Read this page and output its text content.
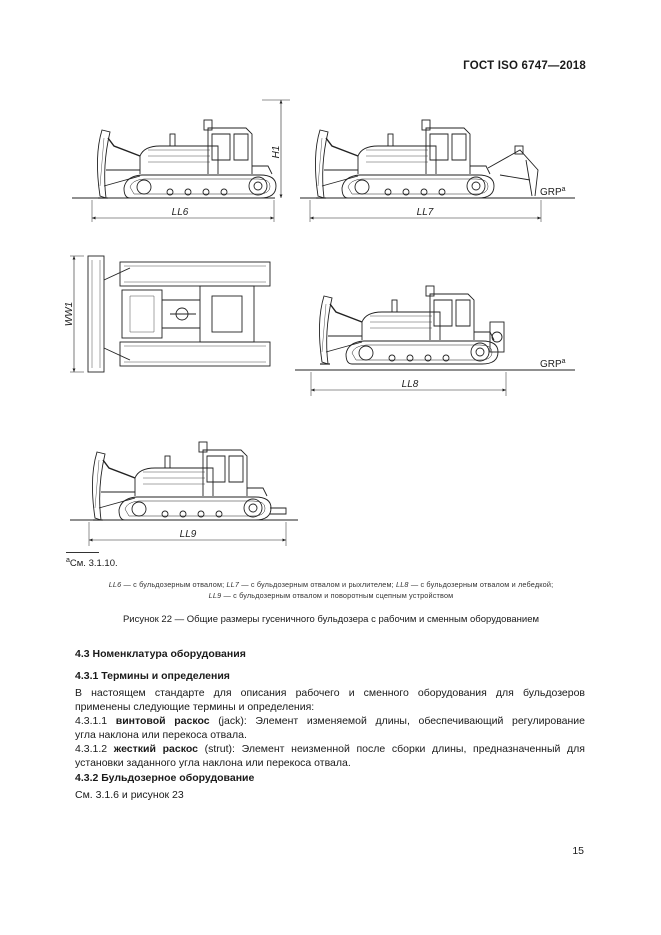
ГОСТ ISO 6747—2018
H1
LL6
GRP$^a$
LL7
WW1
GRP$^a$
LL8
LL9
$^a$См. 3.1.10.
LL6 — с бульдозерным отвалом; LL7 — с бульдозерным отвалом и рыхлителем; LL8 — с бульдозерным отвалом и лебедкой;
LL9 — с бульдозерным отвалом и поворотным сцепным устройством
Рисунок 22 — Общие размеры гусеничного бульдозера с рабочим и сменным оборудованием
4.3 Номенклатура оборудования
4.3.1 Термины и определения
В настоящем стандарте для описания рабочего и сменного оборудования для бульдозеров
применены следующие термины и определения:
4.3.1.1 винтовой раскос (jack): Элемент изменяемой длины, обеспечивающий регулирование
угла наклона или перекоса отвала.
4.3.1.2 жесткий раскос (strut): Элемент неизменной после сборки длины, предназначенный для
установки заданного угла наклона или перекоса отвала.
4.3.2 Бульдозерное оборудование
См. 3.1.6 и рисунок 23
15
